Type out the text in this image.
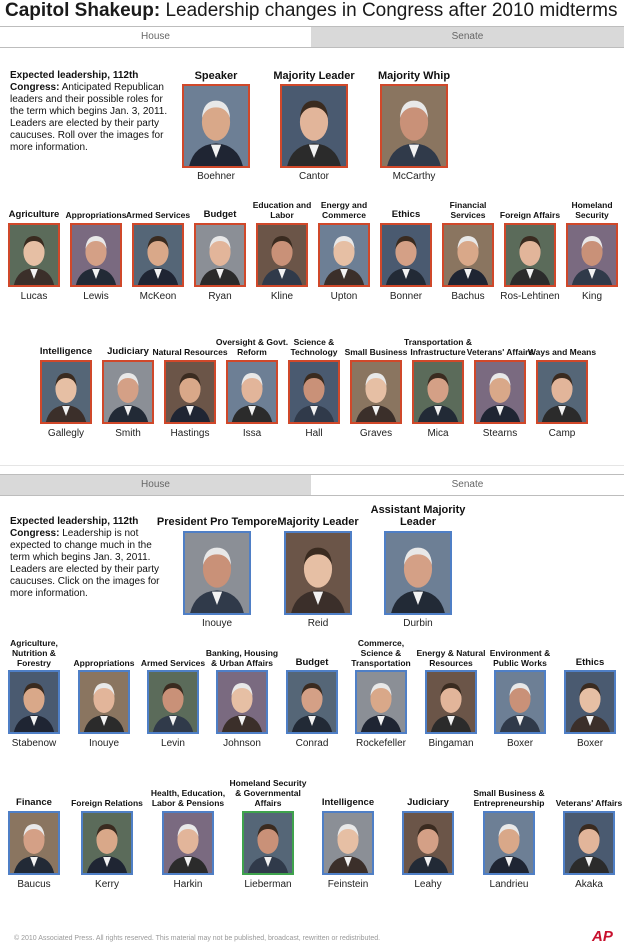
Capitol Shakeup: Leadership changes in Congress after 2010 midterms
House	Senate
Expected leadership, 112th Congress: Anticipated Republican leaders and their possible roles for the term which begins Jan. 3, 2011. Leaders are elected by their party caucuses. Roll over the images for more information.
Speaker
Boehner
Majority Leader
Cantor
Majority Whip
McCarthy
Agriculture
Lucas
Appropriations
Lewis
Armed Services
McKeon
Budget
Ryan
Education and Labor
Kline
Energy and Commerce
Upton
Ethics
Bonner
Financial Services
Bachus
Foreign Affairs
Ros-Lehtinen
Homeland Security
King
Intelligence
Gallegly
Judiciary
Smith
Natural Resources
Hastings
Oversight & Govt. Reform
Issa
Science & Technology
Hall
Small Business
Graves
Transportation & Infrastructure
Mica
Veterans' Affairs
Stearns
Ways and Means
Camp
House	Senate
Expected leadership, 112th Congress: Leadership is not expected to change much in the term which begins Jan. 3, 2011. Leaders are elected by their party caucuses. Click on the images for more information.
President Pro Tempore
Inouye
Majority Leader
Reid
Assistant Majority Leader
Durbin
Agriculture, Nutrition & Forestry
Stabenow
Appropriations
Inouye
Armed Services
Levin
Banking, Housing & Urban Affairs
Johnson
Budget
Conrad
Commerce, Science & Transportation
Rockefeller
Energy & Natural Resources
Bingaman
Environment & Public Works
Boxer
Ethics
Boxer
Finance
Baucus
Foreign Relations
Kerry
Health, Education, Labor & Pensions
Harkin
Homeland Security & Governmental Affairs
Lieberman
Intelligence
Feinstein
Judiciary
Leahy
Small Business & Entrepreneurship
Landrieu
Veterans' Affairs
Akaka
© 2010 Associated Press. All rights reserved. This material may not be published, broadcast, rewritten or redistributed.	AP
